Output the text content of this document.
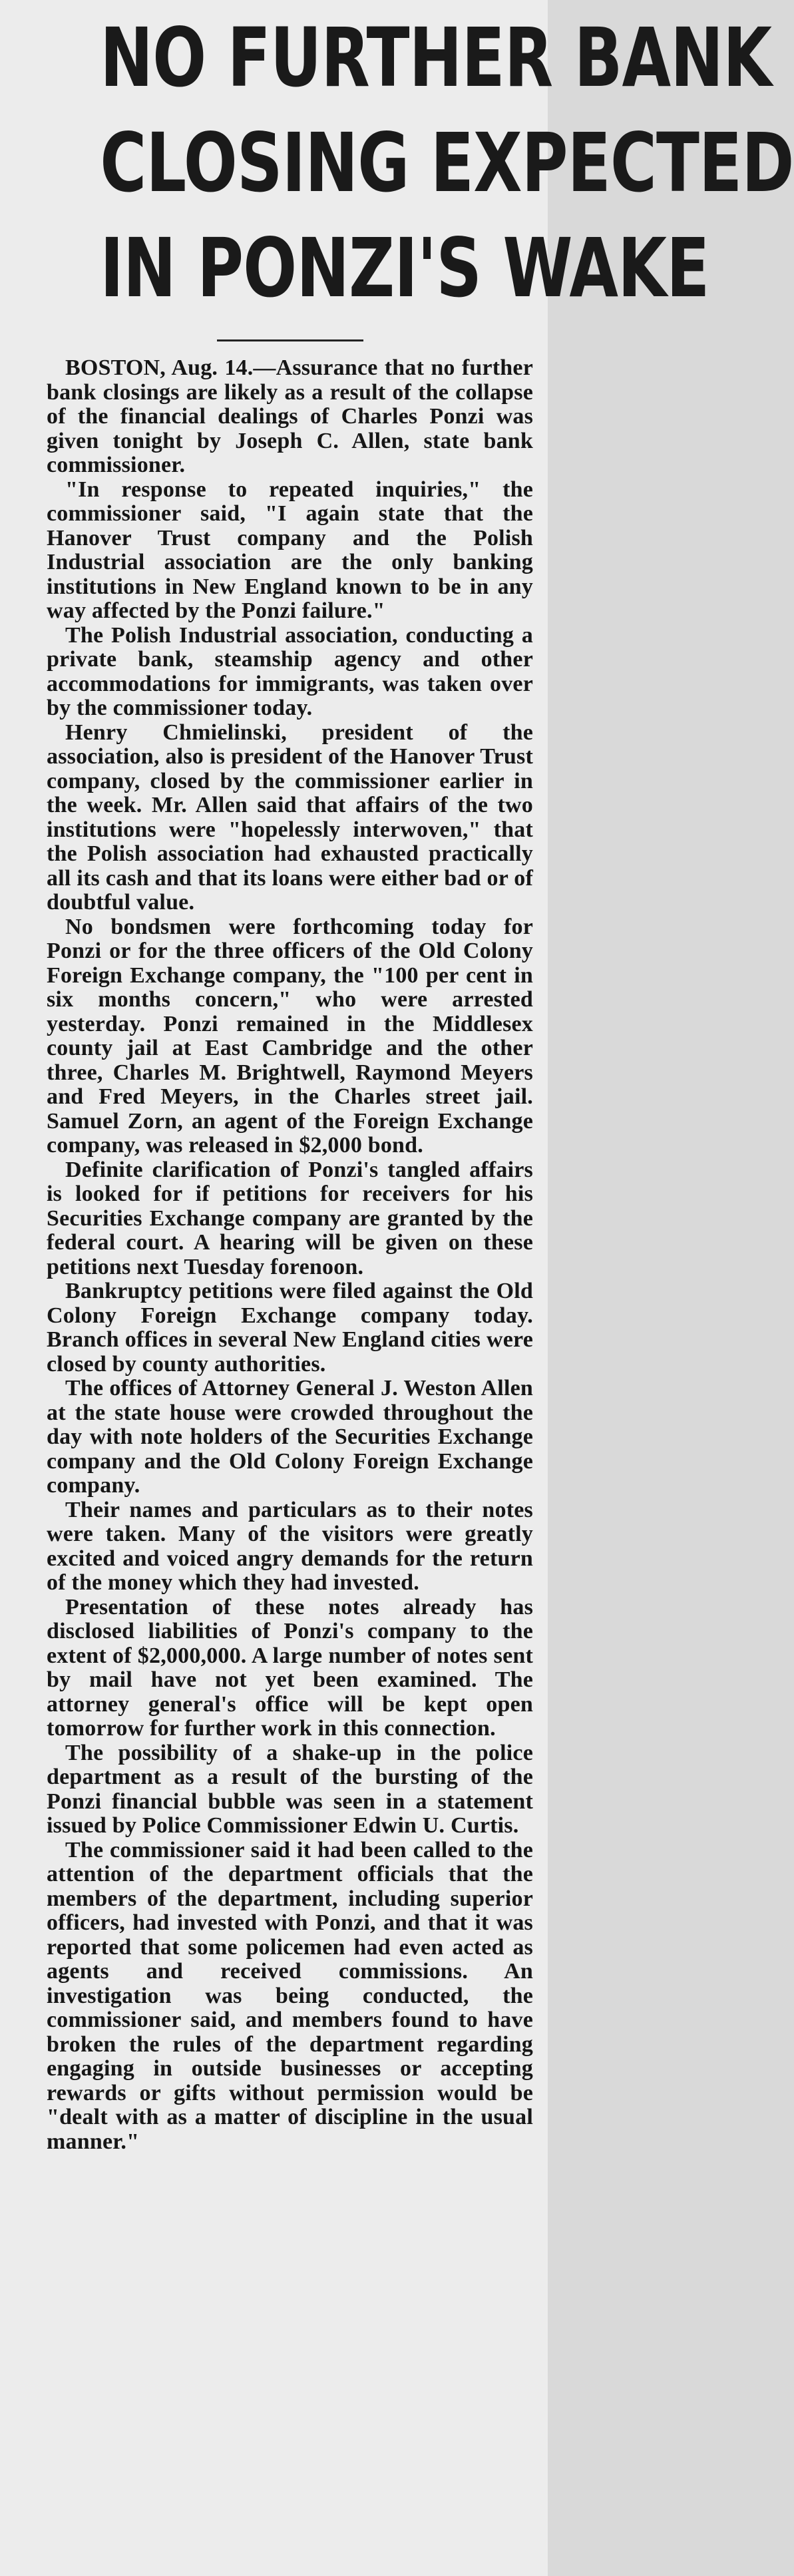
NO FURTHER BANK
CLOSING EXPECTED
IN PONZI'S WAKE

BOSTON, Aug. 14.—Assurance that no further bank closings are likely as a result of the collapse of the financial dealings of Charles Ponzi was given tonight by Joseph C. Allen, state bank commissioner.

"In response to repeated inquiries," the commissioner said, "I again state that the Hanover Trust company and the Polish Industrial association are the only banking institutions in New England known to be in any way affected by the Ponzi failure."

The Polish Industrial association, conducting a private bank, steamship agency and other accommodations for immigrants, was taken over by the commissioner today.

Henry Chmielinski, president of the association, also is president of the Hanover Trust company, closed by the commissioner earlier in the week. Mr. Allen said that affairs of the two institutions were "hopelessly interwoven," that the Polish association had exhausted practically all its cash and that its loans were either bad or of doubtful value.

No bondsmen were forthcoming today for Ponzi or for the three officers of the Old Colony Foreign Exchange company, the "100 per cent in six months concern," who were arrested yesterday. Ponzi remained in the Middlesex county jail at East Cambridge and the other three, Charles M. Brightwell, Raymond Meyers and Fred Meyers, in the Charles street jail. Samuel Zorn, an agent of the Foreign Exchange company, was released in $2,000 bond.

Definite clarification of Ponzi's tangled affairs is looked for if petitions for receivers for his Securities Exchange company are granted by the federal court. A hearing will be given on these petitions next Tuesday forenoon.

Bankruptcy petitions were filed against the Old Colony Foreign Exchange company today. Branch offices in several New England cities were closed by county authorities.

The offices of Attorney General J. Weston Allen at the state house were crowded throughout the day with note holders of the Securities Exchange company and the Old Colony Foreign Exchange company.

Their names and particulars as to their notes were taken. Many of the visitors were greatly excited and voiced angry demands for the return of the money which they had invested.

Presentation of these notes already has disclosed liabilities of Ponzi's company to the extent of $2,000,000. A large number of notes sent by mail have not yet been examined. The attorney general's office will be kept open tomorrow for further work in this connection.

The possibility of a shake-up in the police department as a result of the bursting of the Ponzi financial bubble was seen in a statement issued by Police Commissioner Edwin U. Curtis.

The commissioner said it had been called to the attention of the department officials that the members of the department, including superior officers, had invested with Ponzi, and that it was reported that some policemen had even acted as agents and received commissions. An investigation was being conducted, the commissioner said, and members found to have broken the rules of the department regarding engaging in outside businesses or accepting rewards or gifts without permission would be "dealt with as a matter of discipline in the usual manner."
